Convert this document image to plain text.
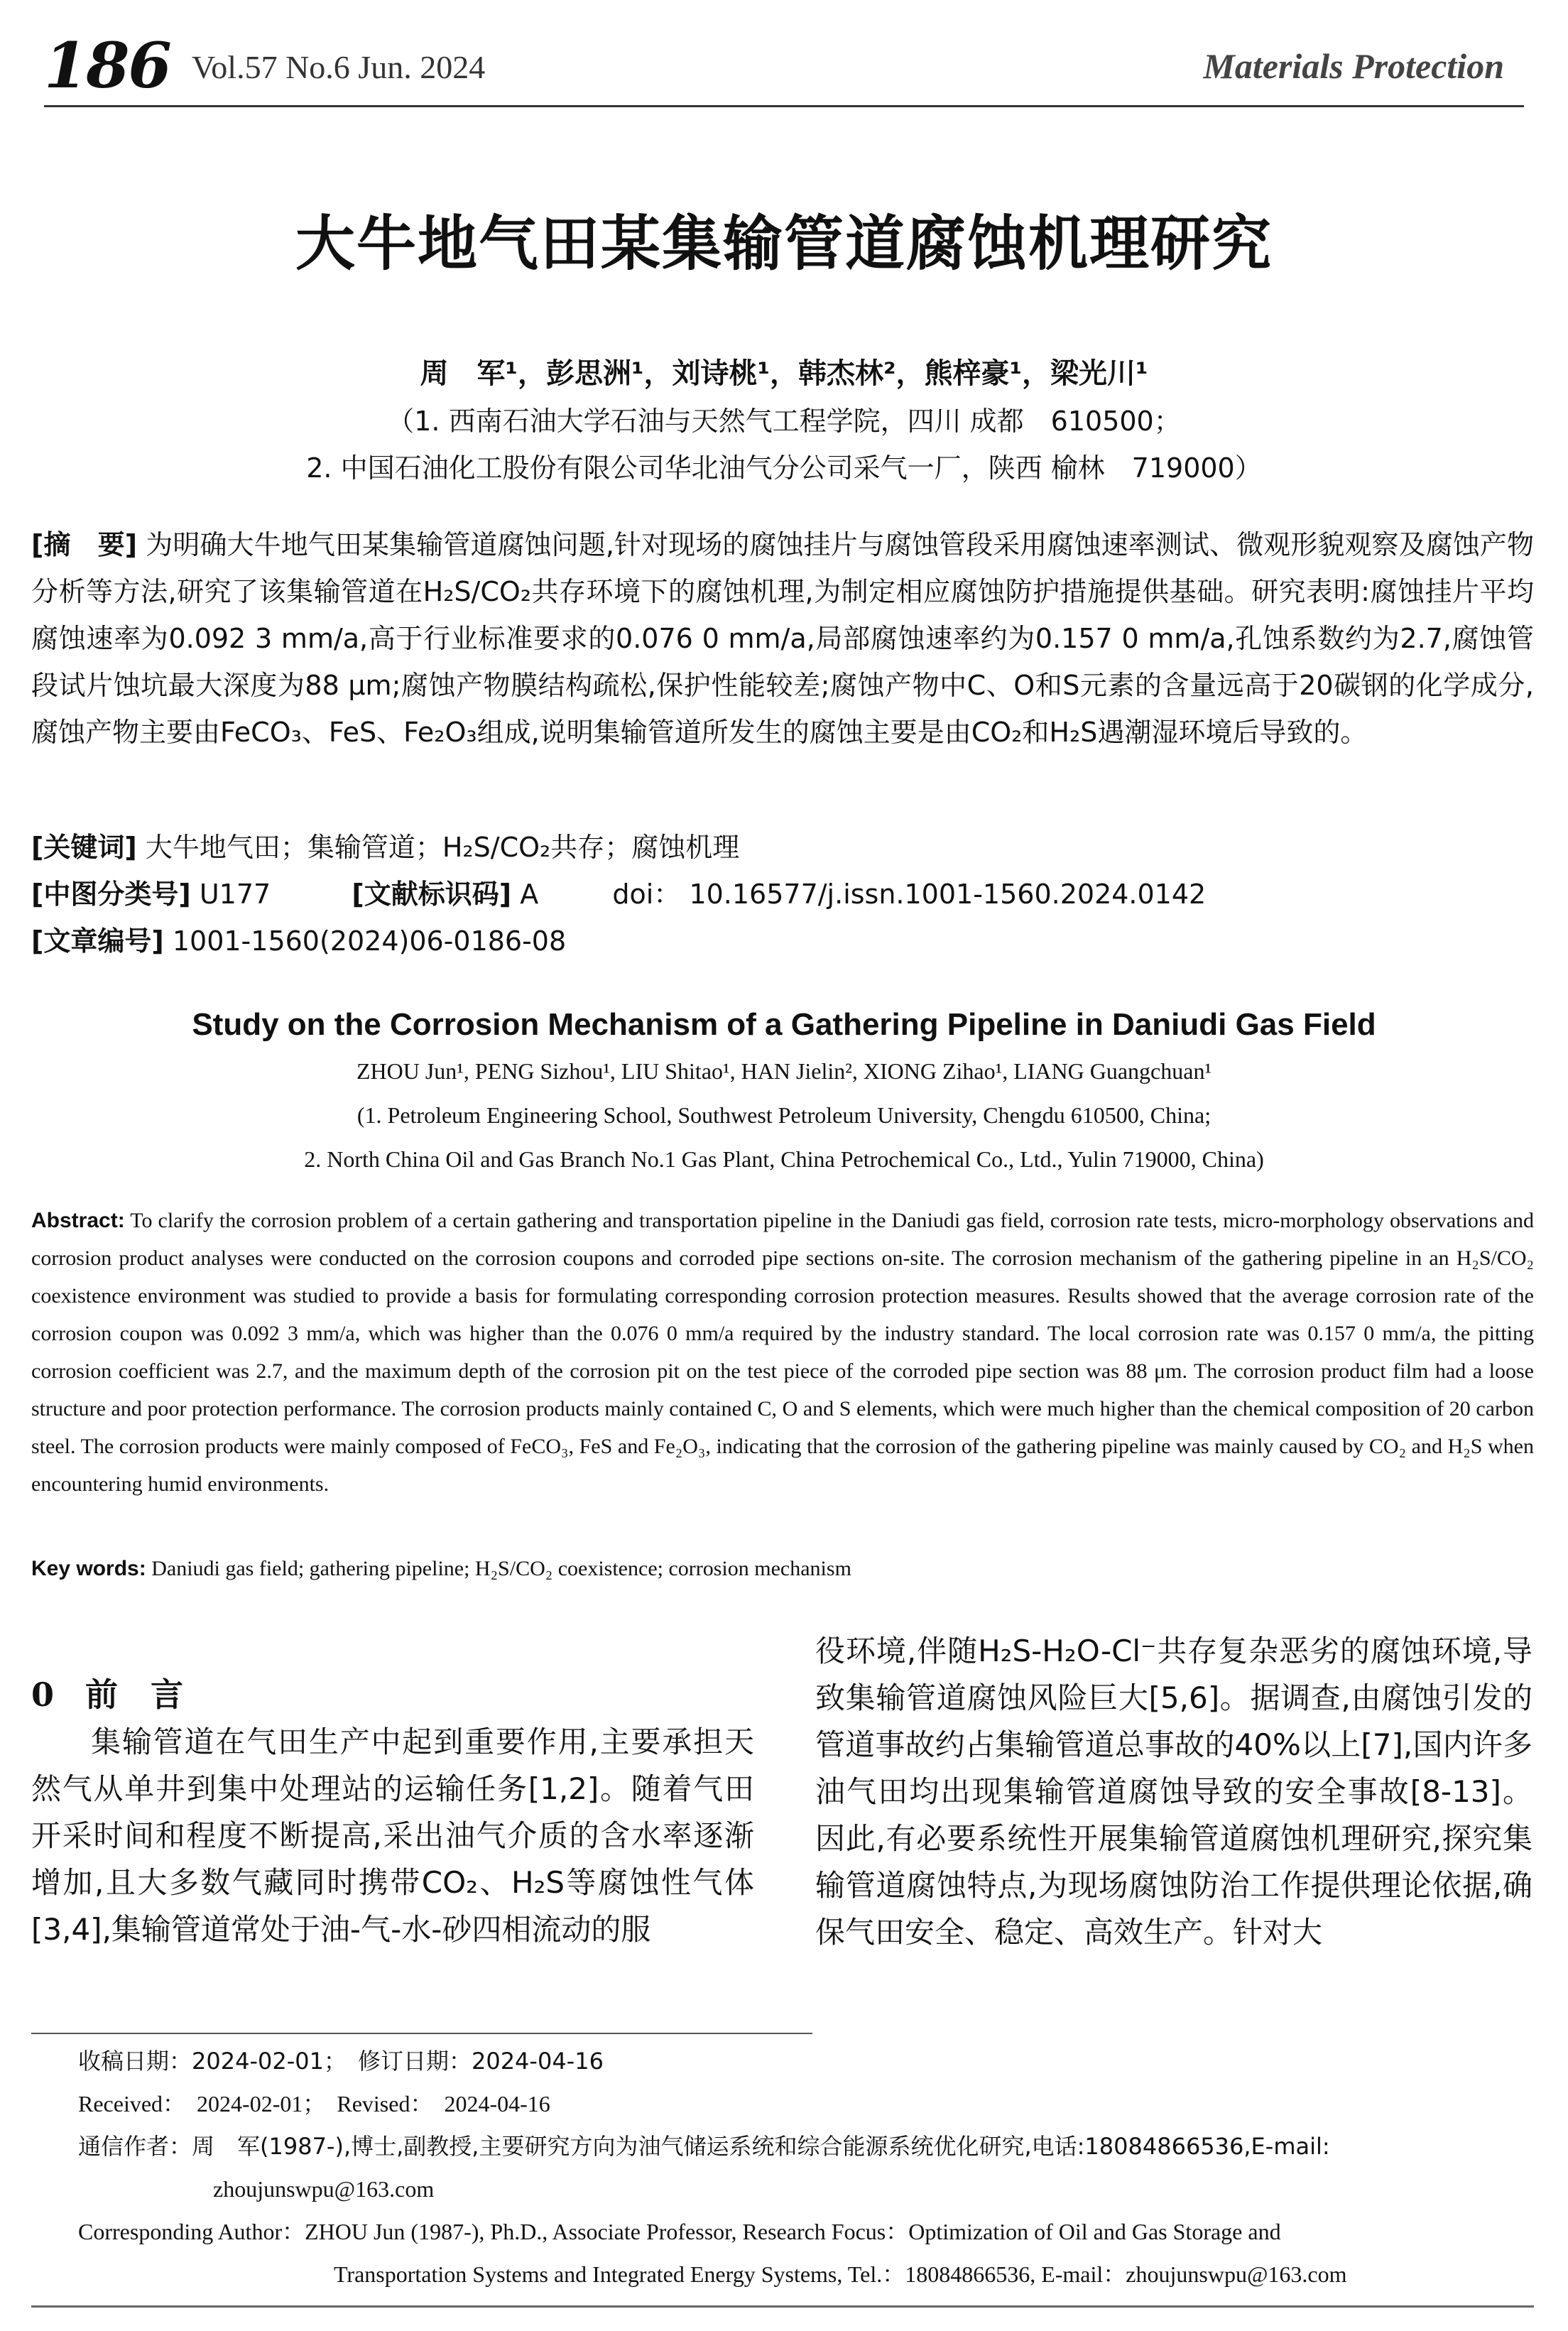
186 Vol.57 No.6 Jun. 2024	Materials Protection
大牛地气田某集输管道腐蚀机理研究
周　军¹，彭思洲¹，刘诗桃¹，韩杰林²，熊梓豪¹，梁光川¹
（1. 西南石油大学石油与天然气工程学院，四川 成都　610500；
2. 中国石油化工股份有限公司华北油气分公司采气一厂，陕西 榆林　719000）
[摘　要] 为明确大牛地气田某集输管道腐蚀问题,针对现场的腐蚀挂片与腐蚀管段采用腐蚀速率测试、微观形貌观察及腐蚀产物分析等方法,研究了该集输管道在H₂S/CO₂共存环境下的腐蚀机理,为制定相应腐蚀防护措施提供基础。研究表明:腐蚀挂片平均腐蚀速率为0.092 3 mm/a,高于行业标准要求的0.076 0 mm/a,局部腐蚀速率约为0.157 0 mm/a,孔蚀系数约为2.7,腐蚀管段试片蚀坑最大深度为88 μm;腐蚀产物膜结构疏松,保护性能较差;腐蚀产物中C、O和S元素的含量远高于20碳钢的化学成分,腐蚀产物主要由FeCO₃、FeS、Fe₂O₃组成,说明集输管道所发生的腐蚀主要是由CO₂和H₂S遇潮湿环境后导致的。
[关键词] 大牛地气田；集输管道；H₂S/CO₂共存；腐蚀机理
[中图分类号] U177	[文献标识码] A	doi： 10.16577/j.issn.1001-1560.2024.0142
[文章编号] 1001-1560(2024)06-0186-08
Study on the Corrosion Mechanism of a Gathering Pipeline in Daniudi Gas Field
ZHOU Jun¹, PENG Sizhou¹, LIU Shitao¹, HAN Jielin², XIONG Zihao¹, LIANG Guangchuan¹
(1. Petroleum Engineering School, Southwest Petroleum University, Chengdu 610500, China;
2. North China Oil and Gas Branch No.1 Gas Plant, China Petrochemical Co., Ltd., Yulin 719000, China)
Abstract: To clarify the corrosion problem of a certain gathering and transportation pipeline in the Daniudi gas field, corrosion rate tests, micro-morphology observations and corrosion product analyses were conducted on the corrosion coupons and corroded pipe sections on-site. The corrosion mechanism of the gathering pipeline in an H₂S/CO₂ coexistence environment was studied to provide a basis for formulating corresponding corrosion protection measures. Results showed that the average corrosion rate of the corrosion coupon was 0.092 3 mm/a, which was higher than the 0.076 0 mm/a required by the industry standard. The local corrosion rate was 0.157 0 mm/a, the pitting corrosion coefficient was 2.7, and the maximum depth of the corrosion pit on the test piece of the corroded pipe section was 88 μm. The corrosion product film had a loose structure and poor protection performance. The corrosion products mainly contained C, O and S elements, which were much higher than the chemical composition of 20 carbon steel. The corrosion products were mainly composed of FeCO₃, FeS and Fe₂O₃, indicating that the corrosion of the gathering pipeline was mainly caused by CO₂ and H₂S when encountering humid environments.
Key words: Daniudi gas field; gathering pipeline; H₂S/CO₂ coexistence; corrosion mechanism
0 前　言
集输管道在气田生产中起到重要作用,主要承担天然气从单井到集中处理站的运输任务[1,2]。随着气田开采时间和程度不断提高,采出油气介质的含水率逐渐增加,且大多数气藏同时携带CO₂、H₂S等腐蚀性气体[3,4],集输管道常处于油-气-水-砂四相流动的服
役环境,伴随H₂S-H₂O-Cl⁻共存复杂恶劣的腐蚀环境,导致集输管道腐蚀风险巨大[5,6]。据调查,由腐蚀引发的管道事故约占集输管道总事故的40%以上[7],国内许多油气田均出现集输管道腐蚀导致的安全事故[8-13]。因此,有必要系统性开展集输管道腐蚀机理研究,探究集输管道腐蚀特点,为现场腐蚀防治工作提供理论依据,确保气田安全、稳定、高效生产。针对大
收稿日期：2024-02-01；　修订日期：2024-04-16
Received：　2024-02-01；　Revised：　2024-04-16
通信作者：周　军(1987-),博士,副教授,主要研究方向为油气储运系统和综合能源系统优化研究,电话:18084866536,E-mail:
zhoujunswpu@163.com
Corresponding Author：ZHOU Jun (1987-), Ph.D., Associate Professor, Research Focus：Optimization of Oil and Gas Storage and
Transportation Systems and Integrated Energy Systems, Tel.：18084866536, E-mail：zhoujunswpu@163.com
